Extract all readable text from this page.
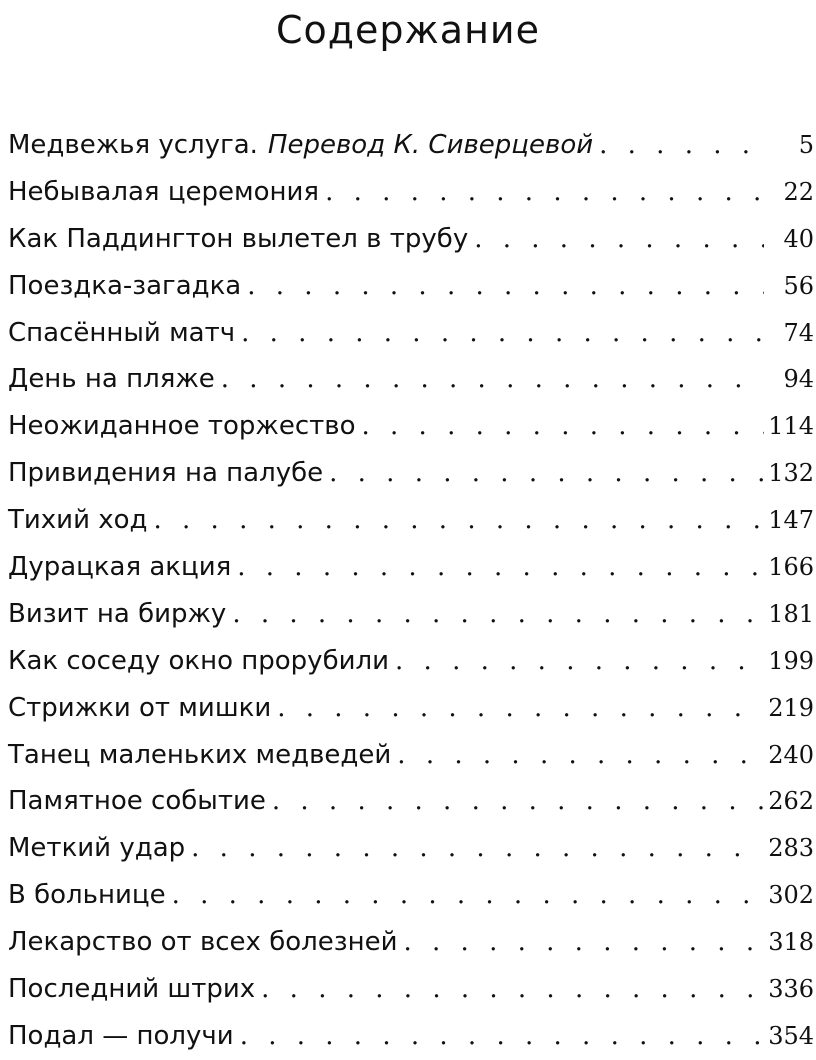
Содержание
Медвежья услуга. Перевод К. Сиверцевой . . .	5
Небывалая церемония . . .	22
Как Паддингтон вылетел в трубу . . .	40
Поездка-загадка . . .	56
Спасённый матч . . .	74
День на пляже . . .	94
Неожиданное торжество . . .	114
Привидения на палубе . . .	132
Тихий ход . . .	147
Дурацкая акция . . .	166
Визит на биржу . . .	181
Как соседу окно прорубили . . .	199
Стрижки от мишки . . .	219
Танец маленьких медведей . . .	240
Памятное событие . . .	262
Меткий удар . . .	283
В больнице . . .	302
Лекарство от всех болезней . . .	318
Последний штрих . . .	336
Подал — получи . . .	354
